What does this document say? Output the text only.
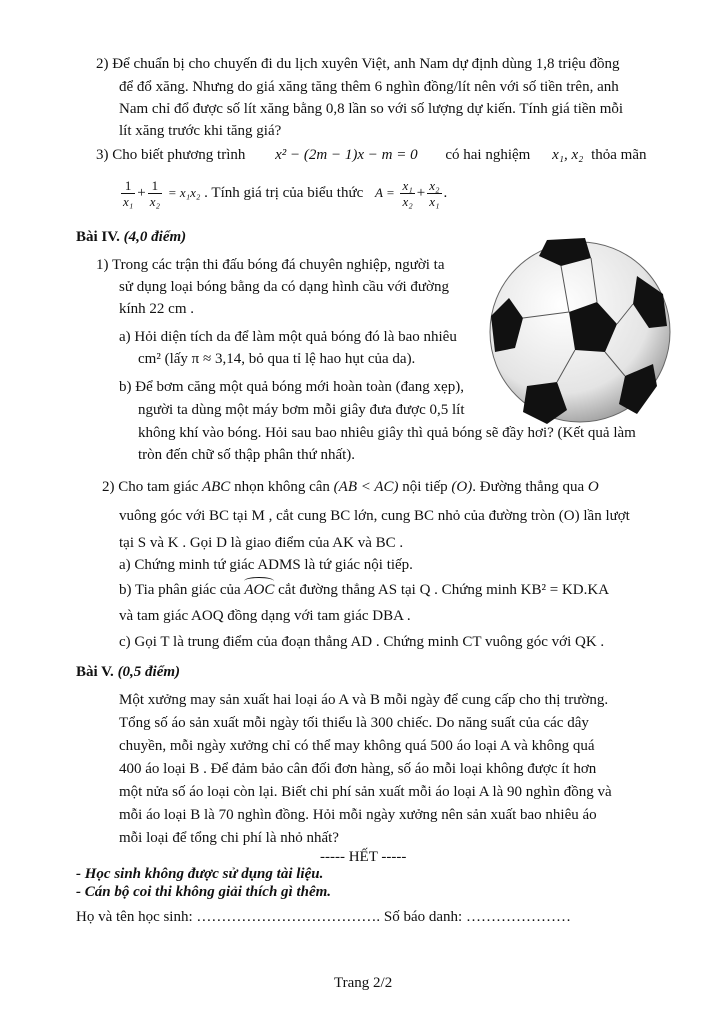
2) Để chuẩn bị cho chuyến đi du lịch xuyên Việt, anh Nam dự định dùng 1,8 triệu đồng
để đổ xăng. Nhưng do giá xăng tăng thêm 6 nghìn đồng/lít nên với số tiền trên, anh
Nam chỉ đổ được số lít xăng bằng 0,8 lần so với số lượng dự kiến. Tính giá tiền mỗi
lít xăng trước khi tăng giá?
3) Cho biết phương trình x² − (2m − 1)x − m = 0 có hai nghiệm x₁, x₂ thỏa mãn
$\frac{1}{\text{x₁}} + \frac{1}{\text{x₂}} = x_1x_2$ . Tính giá trị của biểu thức $A = \frac{\text{x₁}}{\text{x₂}} + \frac{\text{x₂}}{\text{x₁}}$ .
Bài IV. (4,0 điểm)
1) Trong các trận thi đấu bóng đá chuyên nghiệp, người ta
sử dụng loại bóng bằng da có dạng hình cầu với đường
kính 22 cm .
a) Hỏi diện tích da để làm một quả bóng đó là bao nhiêu
cm² (lấy π ≈ 3,14, bỏ qua tỉ lệ hao hụt của da).
b) Để bơm căng một quả bóng mới hoàn toàn (đang xẹp),
người ta dùng một máy bơm mỗi giây đưa được 0,5 lít
không khí vào bóng. Hỏi sau bao nhiêu giây thì quả bóng sẽ đầy hơi? (Kết quả làm
tròn đến chữ số thập phân thứ nhất).
2) Cho tam giác ABC nhọn không cân (AB < AC) nội tiếp (O). Đường thẳng qua O
vuông góc với BC tại M , cắt cung BC lớn, cung BC nhỏ của đường tròn (O) lần lượt
tại S và K . Gọi D là giao điểm của AK và BC .
a) Chứng minh tứ giác ADMS là tứ giác nội tiếp.
b) Tia phân giác của AOC cắt đường thẳng AS tại Q . Chứng minh KB² = KD.KA
và tam giác AOQ đồng dạng với tam giác DBA .
c) Gọi T là trung điểm của đoạn thẳng AD . Chứng minh CT vuông góc với QK .
Bài V. (0,5 điểm)
Một xưởng may sản xuất hai loại áo A và B mỗi ngày để cung cấp cho thị trường.
Tổng số áo sản xuất mỗi ngày tối thiểu là 300 chiếc. Do năng suất của các dây
chuyền, mỗi ngày xưởng chỉ có thể may không quá 500 áo loại A và không quá
400 áo loại B . Để đảm bảo cân đối đơn hàng, số áo mỗi loại không được ít hơn
một nửa số áo loại còn lại. Biết chi phí sản xuất mỗi áo loại A là 90 nghìn đồng và
mỗi áo loại B là 70 nghìn đồng. Hỏi mỗi ngày xưởng nên sản xuất bao nhiêu áo
mỗi loại để tổng chi phí là nhỏ nhất?
----- HẾT -----
- Học sinh không được sử dụng tài liệu.
- Cán bộ coi thi không giải thích gì thêm.
Họ và tên học sinh: ………………………………. Số báo danh: …………………
Trang 2/2
